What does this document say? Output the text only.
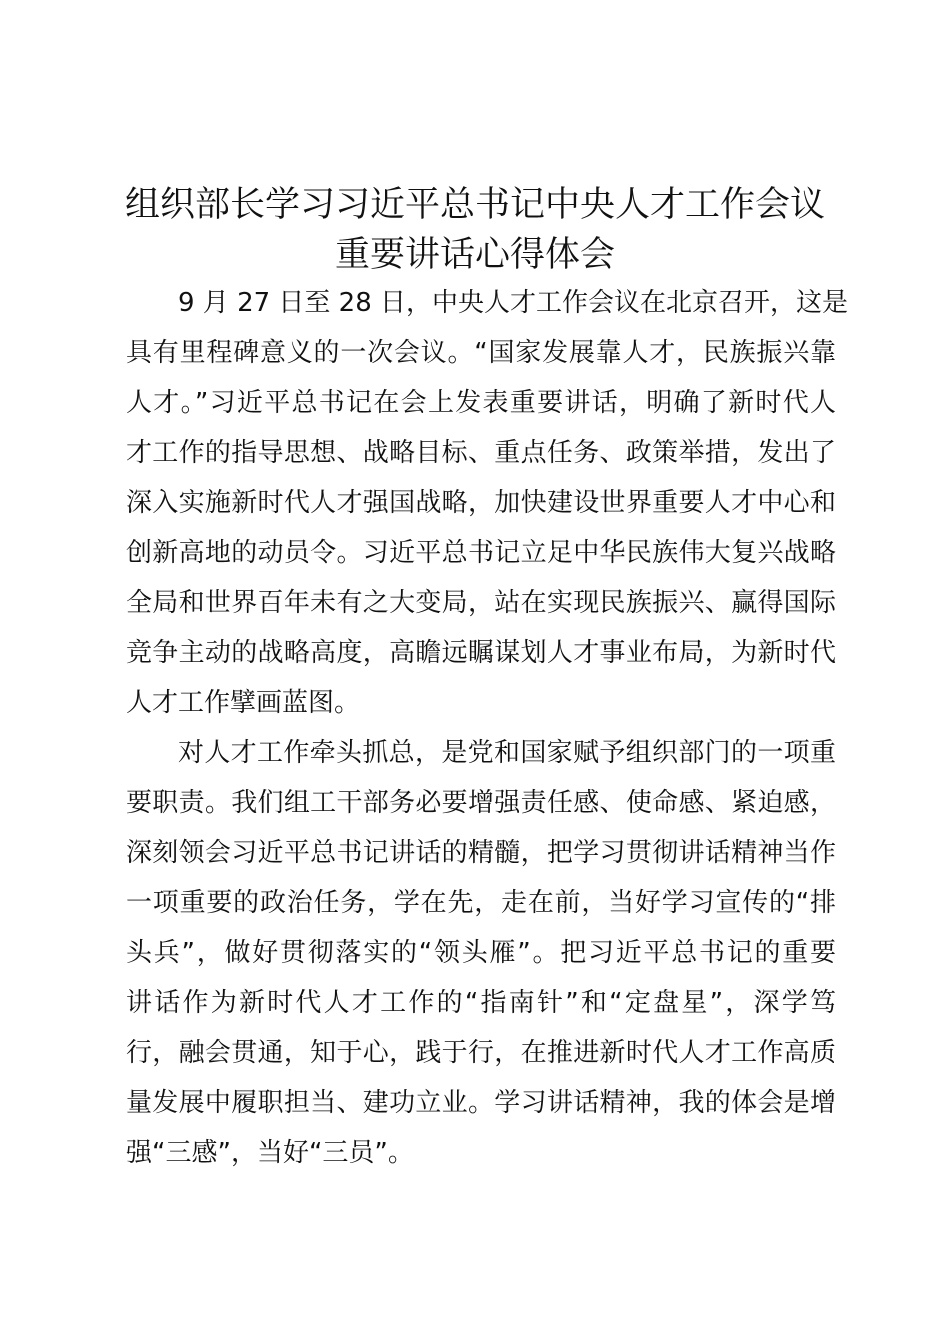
组织部长学习习近平总书记中央人才工作会议
重要讲话心得体会
9 月 27 日至 28 日，中央人才工作会议在北京召开，这是
具有里程碑意义的一次会议。“国家发展靠人才，民族振兴靠
人才。”习近平总书记在会上发表重要讲话，明确了新时代人
才工作的指导思想、战略目标、重点任务、政策举措，发出了
深入实施新时代人才强国战略，加快建设世界重要人才中心和
创新高地的动员令。习近平总书记立足中华民族伟大复兴战略
全局和世界百年未有之大变局，站在实现民族振兴、赢得国际
竞争主动的战略高度，高瞻远瞩谋划人才事业布局，为新时代
人才工作擘画蓝图。
对人才工作牵头抓总，是党和国家赋予组织部门的一项重
要职责。我们组工干部务必要增强责任感、使命感、紧迫感，
深刻领会习近平总书记讲话的精髓，把学习贯彻讲话精神当作
一项重要的政治任务，学在先，走在前，当好学习宣传的“排
头兵”，做好贯彻落实的“领头雁”。把习近平总书记的重要
讲话作为新时代人才工作的“指南针”和“定盘星”，深学笃
行，融会贯通，知于心，践于行，在推进新时代人才工作高质
量发展中履职担当、建功立业。学习讲话精神，我的体会是增
强“三感”，当好“三员”。
